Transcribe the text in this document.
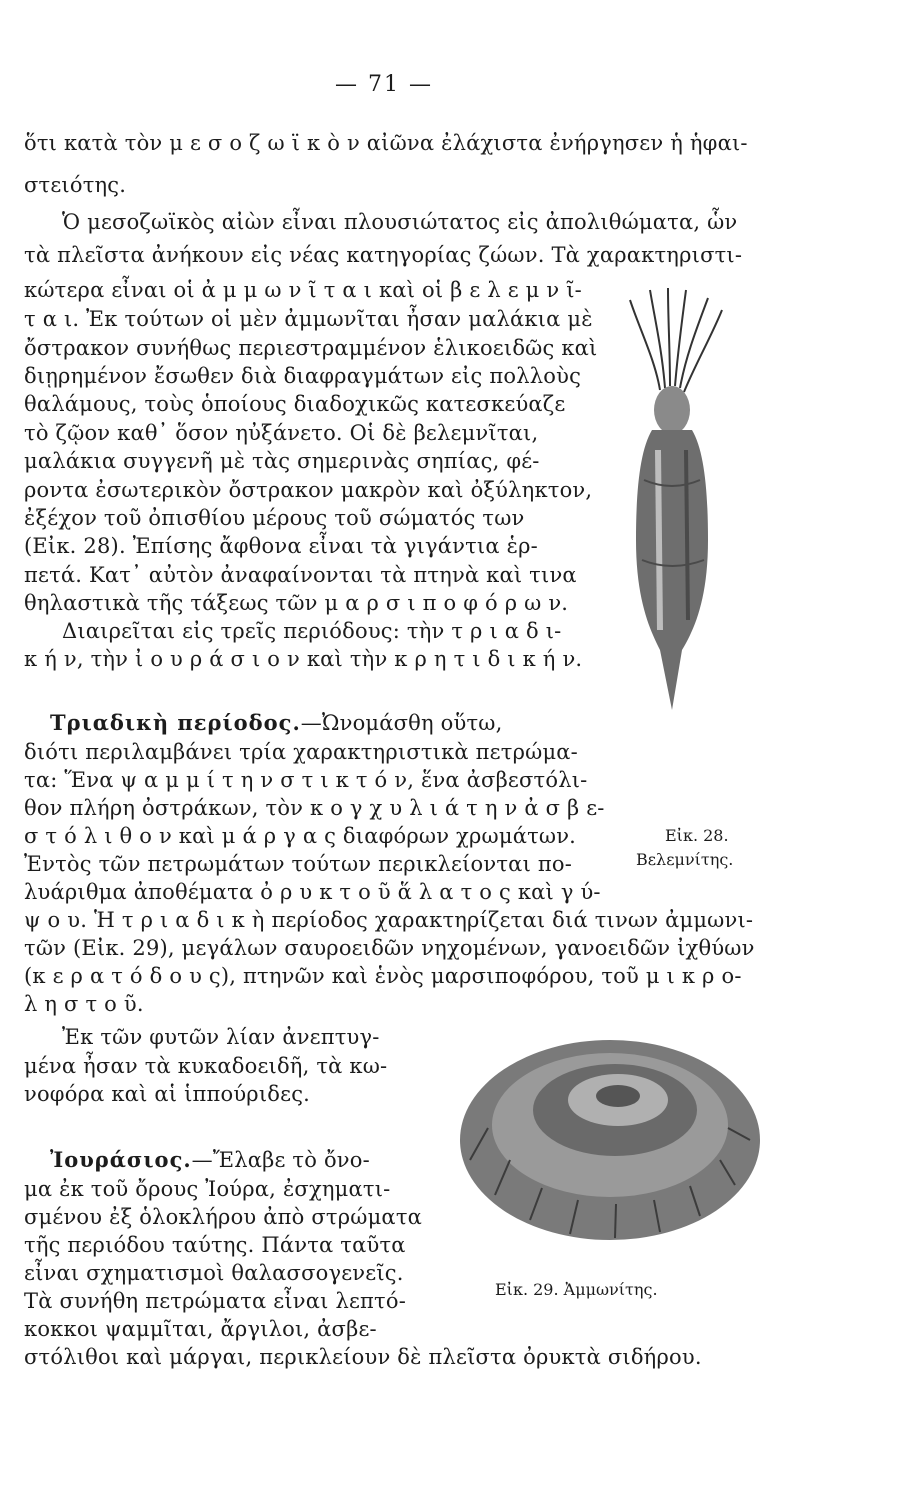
— 71 —
ὅτι κατὰ τὸν μ ε σ ο ζ ω ϊ κ ὸ ν αἰῶνα ἐλάχιστα ἐνήργησεν ἡ ἡφαι-
στειότης.
Ὁ μεσοζωϊκὸς αἰὼν εἶναι πλουσιώτατος εἰς ἀπολιθώματα, ὧν
τὰ πλεῖστα ἀνήκουν εἰς νέας κατηγορίας ζώων. Τὰ χαρακτηριστι-
κώτερα εἶναι οἱ ἀ μ μ ω ν ῖ τ α ι καὶ οἱ β ε λ ε μ ν ῖ-
τ α ι. Ἐκ τούτων οἱ μὲν ἀμμωνῖται ἦσαν μαλάκια μὲ
ὄστρακον συνήθως περιεστραμμένον ἑλικοειδῶς καὶ
διῃρημένον ἔσωθεν διὰ διαφραγμάτων εἰς πολλοὺς
θαλάμους, τοὺς ὁποίους διαδοχικῶς κατεσκεύαζε
τὸ ζῷον καθ᾽ ὅσον ηὐξάνετο. Οἱ δὲ βελεμνῖται,
μαλάκια συγγενῆ μὲ τὰς σημερινὰς σηπίας, φέ-
ροντα ἐσωτερικὸν ὄστρακον μακρὸν καὶ ὀξύληκτον,
ἐξέχον τοῦ ὀπισθίου μέρους τοῦ σώματός των
(Εἰκ. 28). Ἐπίσης ἄφθονα εἶναι τὰ γιγάντια ἑρ-
πετά. Κατ᾽ αὐτὸν ἀναφαίνονται τὰ πτηνὰ καὶ τινα
θηλαστικὰ τῆς τάξεως τῶν μ α ρ σ ι π ο φ ό ρ ω ν.
Διαιρεῖται εἰς τρεῖς περιόδους: τὴν τ ρ ι α δ ι-
κ ή ν, τὴν ἰ ο υ ρ ά σ ι ο ν καὶ τὴν κ ρ η τ ι δ ι κ ή ν.
Τριαδικὴ περίοδος.—Ὠνομάσθη οὕτω,
διότι περιλαμβάνει τρία χαρακτηριστικὰ πετρώμα-
τα: Ἕνα ψ α μ μ ί τ η ν σ τ ι κ τ ό ν, ἕνα ἀσβεστόλι-
θον πλήρη ὀστράκων, τὸν κ ο γ χ υ λ ι ά τ η ν ἀ σ β ε-
σ τ ό λ ι θ ο ν καὶ μ ά ρ γ α ς διαφόρων χρωμάτων.
Ἐντὸς τῶν πετρωμάτων τούτων περικλείονται πο-
λυάριθμα ἀποθέματα ὀ ρ υ κ τ ο ῦ ἅ λ α τ ο ς καὶ γ ύ-
ψ ο υ. Ἡ τ ρ ι α δ ι κ ὴ περίοδος χαρακτηρίζεται διά τινων ἀμμωνι-
τῶν (Εἰκ. 29), μεγάλων σαυροειδῶν νηχομένων, γανοειδῶν ἰχθύων
(κ ε ρ α τ ό δ ο υ ς), πτηνῶν καὶ ἑνὸς μαρσιποφόρου, τοῦ μ ι κ ρ ο-
λ η σ τ ο ῦ.
Ἐκ τῶν φυτῶν λίαν ἀνεπτυγ-
μένα ἦσαν τὰ κυκαδοειδῆ, τὰ κω-
νοφόρα καὶ αἱ ἱππούριδες.
Ἰουράσιος.—Ἔλαβε τὸ ὄνο-
μα ἐκ τοῦ ὄρους Ἰούρα, ἐσχηματι-
σμένου ἐξ ὁλοκλήρου ἀπὸ στρώματα
τῆς περιόδου ταύτης. Πάντα ταῦτα
εἶναι σχηματισμοὶ θαλασσογενεῖς.
Τὰ συνήθη πετρώματα εἶναι λεπτό-
κοκκοι ψαμμῖται, ἄργιλοι, ἀσβε-
στόλιθοι καὶ μάργαι, περικλείουν δὲ πλεῖστα ὀρυκτὰ σιδήρου.
Εἰκ. 28.
Βελεμνίτης.
Εἰκ. 29. Ἀμμωνίτης.
